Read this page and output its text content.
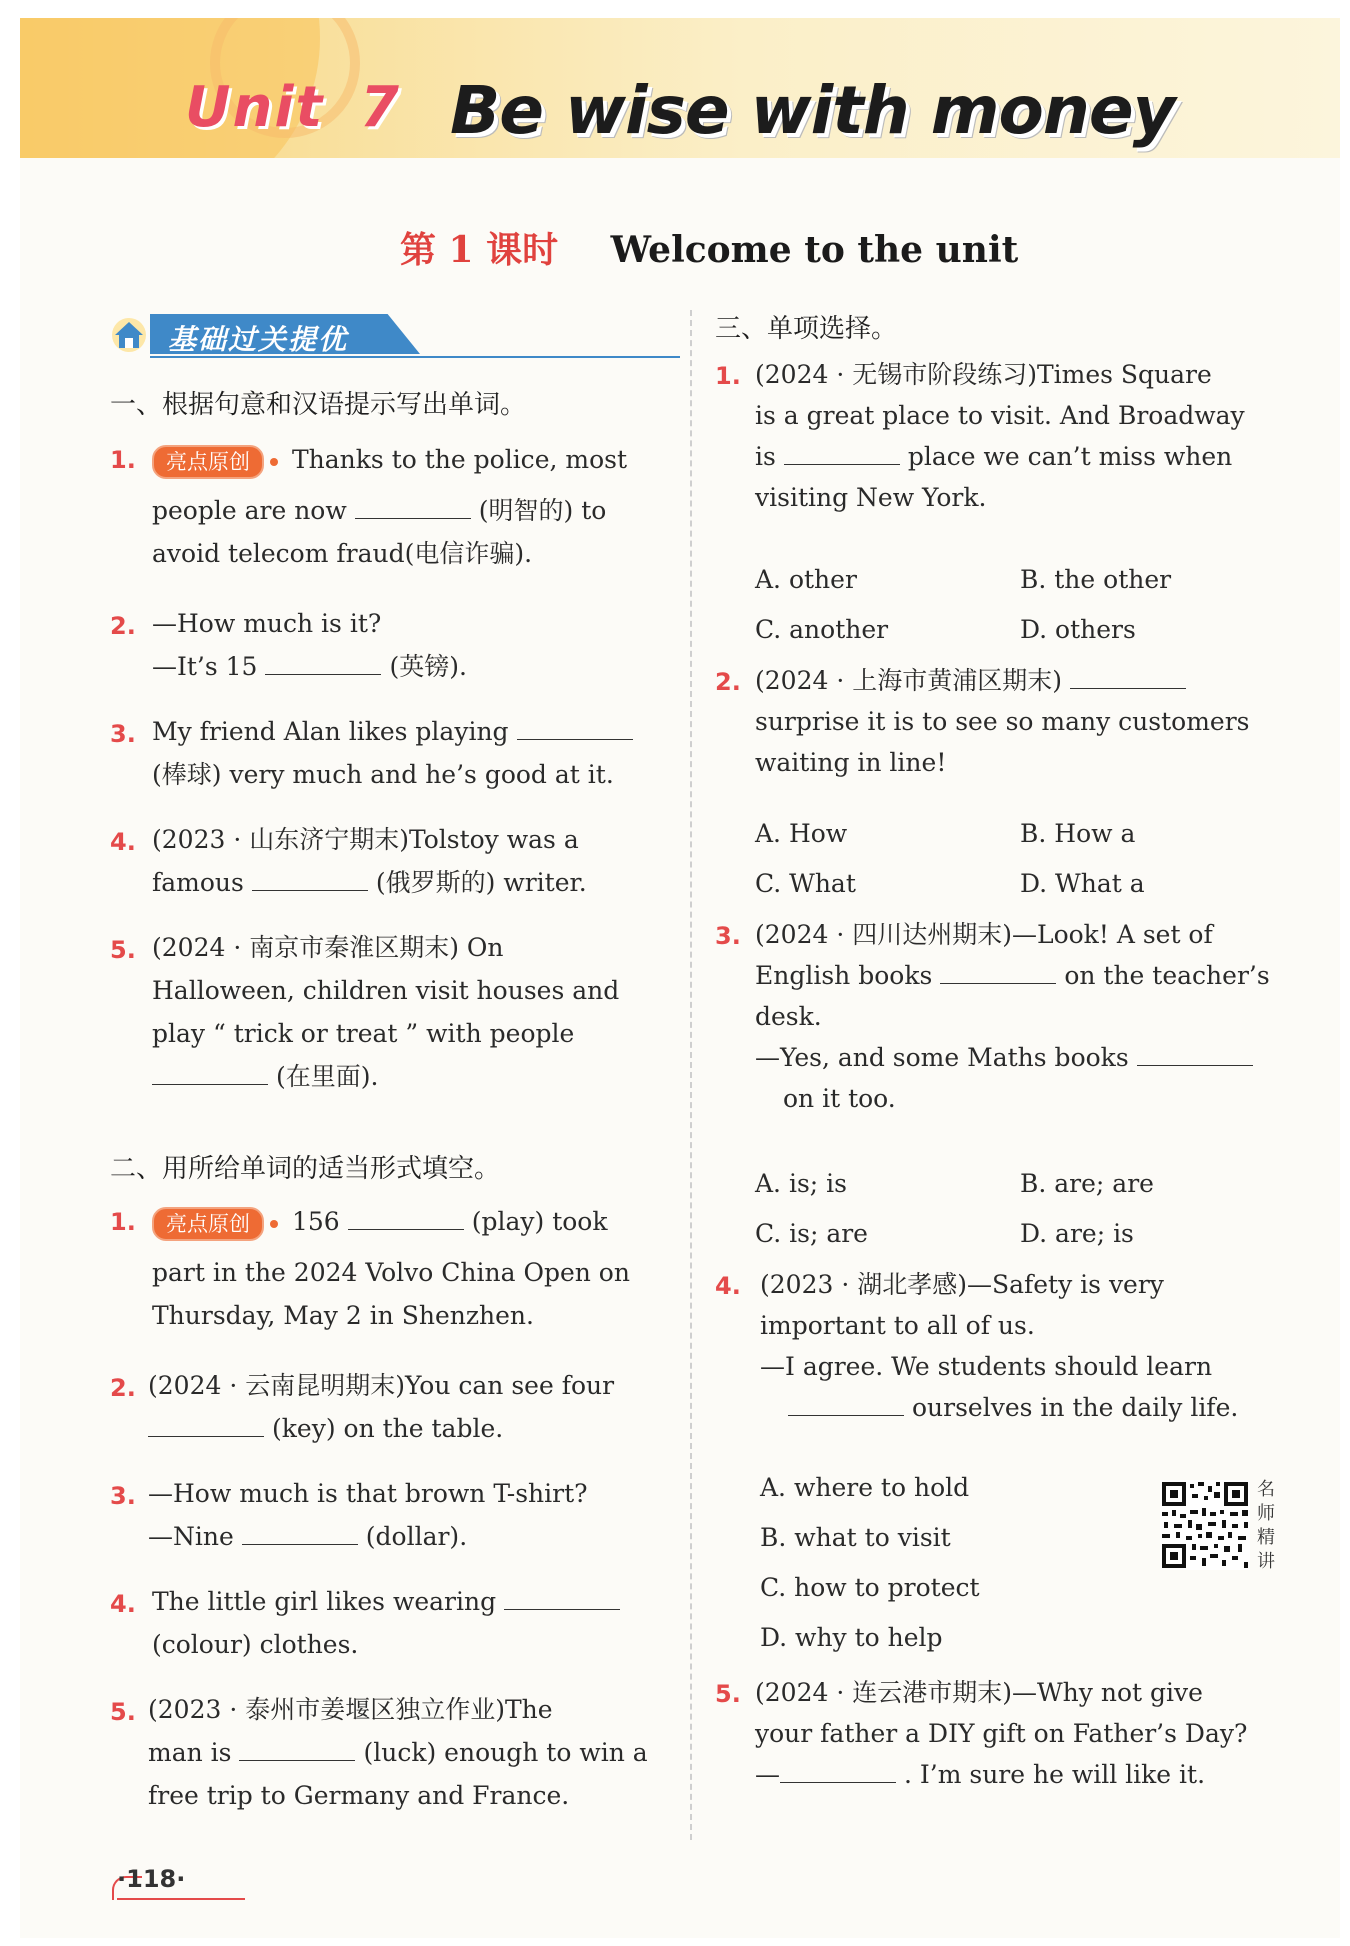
Unit 7 Be wise with money
第 1 课时 Welcome to the unit
基础过关提优
一、根据句意和汉语提示写出单词。
1.	亮点原创 Thanks to the police, most
people are now	(明智的) to
avoid telecom fraud(电信诈骗).
2. —How much is it?
—It’s 15	(英镑).
3. My friend Alan likes playing
(棒球) very much and he’s good at it.
4. (2023 · 山东济宁期末)Tolstoy was a
famous	(俄罗斯的) writer.
5. (2024 · 南京市秦淮区期末) On
Halloween, children visit houses and
play “ trick or treat ” with people
(在里面).
二、用所给单词的适当形式填空。
1.	亮点原创 156	(play) took
part in the 2024 Volvo China Open on
Thursday, May 2 in Shenzhen.
2. (2024 · 云南昆明期末)You can see four
(key) on the table.
3. —How much is that brown T-shirt?
—Nine	(dollar).
4. The little girl likes wearing
(colour) clothes.
5. (2023 · 泰州市姜堰区独立作业)The
man is	(luck) enough to win a
free trip to Germany and France.
三、单项选择。
1. (2024 · 无锡市阶段练习)Times Square
is a great place to visit. And Broadway
is	place we can’t miss when
visiting New York.
A. other	B. the other
C. another	D. others
2. (2024 · 上海市黄浦区期末)
surprise it is to see so many customers
waiting in line!
A. How	B. How a
C. What	D. What a
3. (2024 · 四川达州期末)—Look! A set of
English books	on the teacher’s
desk.
—Yes, and some Maths books
on it too.
A. is; is	B. are; are
C. is; are	D. are; is
4. (2023 · 湖北孝感)—Safety is very
important to all of us.
—I agree. We students should learn
ourselves in the daily life.
A. where to hold
B. what to visit
C. how to protect
D. why to help
名师精讲
5. (2024 · 连云港市期末)—Why not give
your father a DIY gift on Father’s Day?
—	. I’m sure he will like it.
·118·
